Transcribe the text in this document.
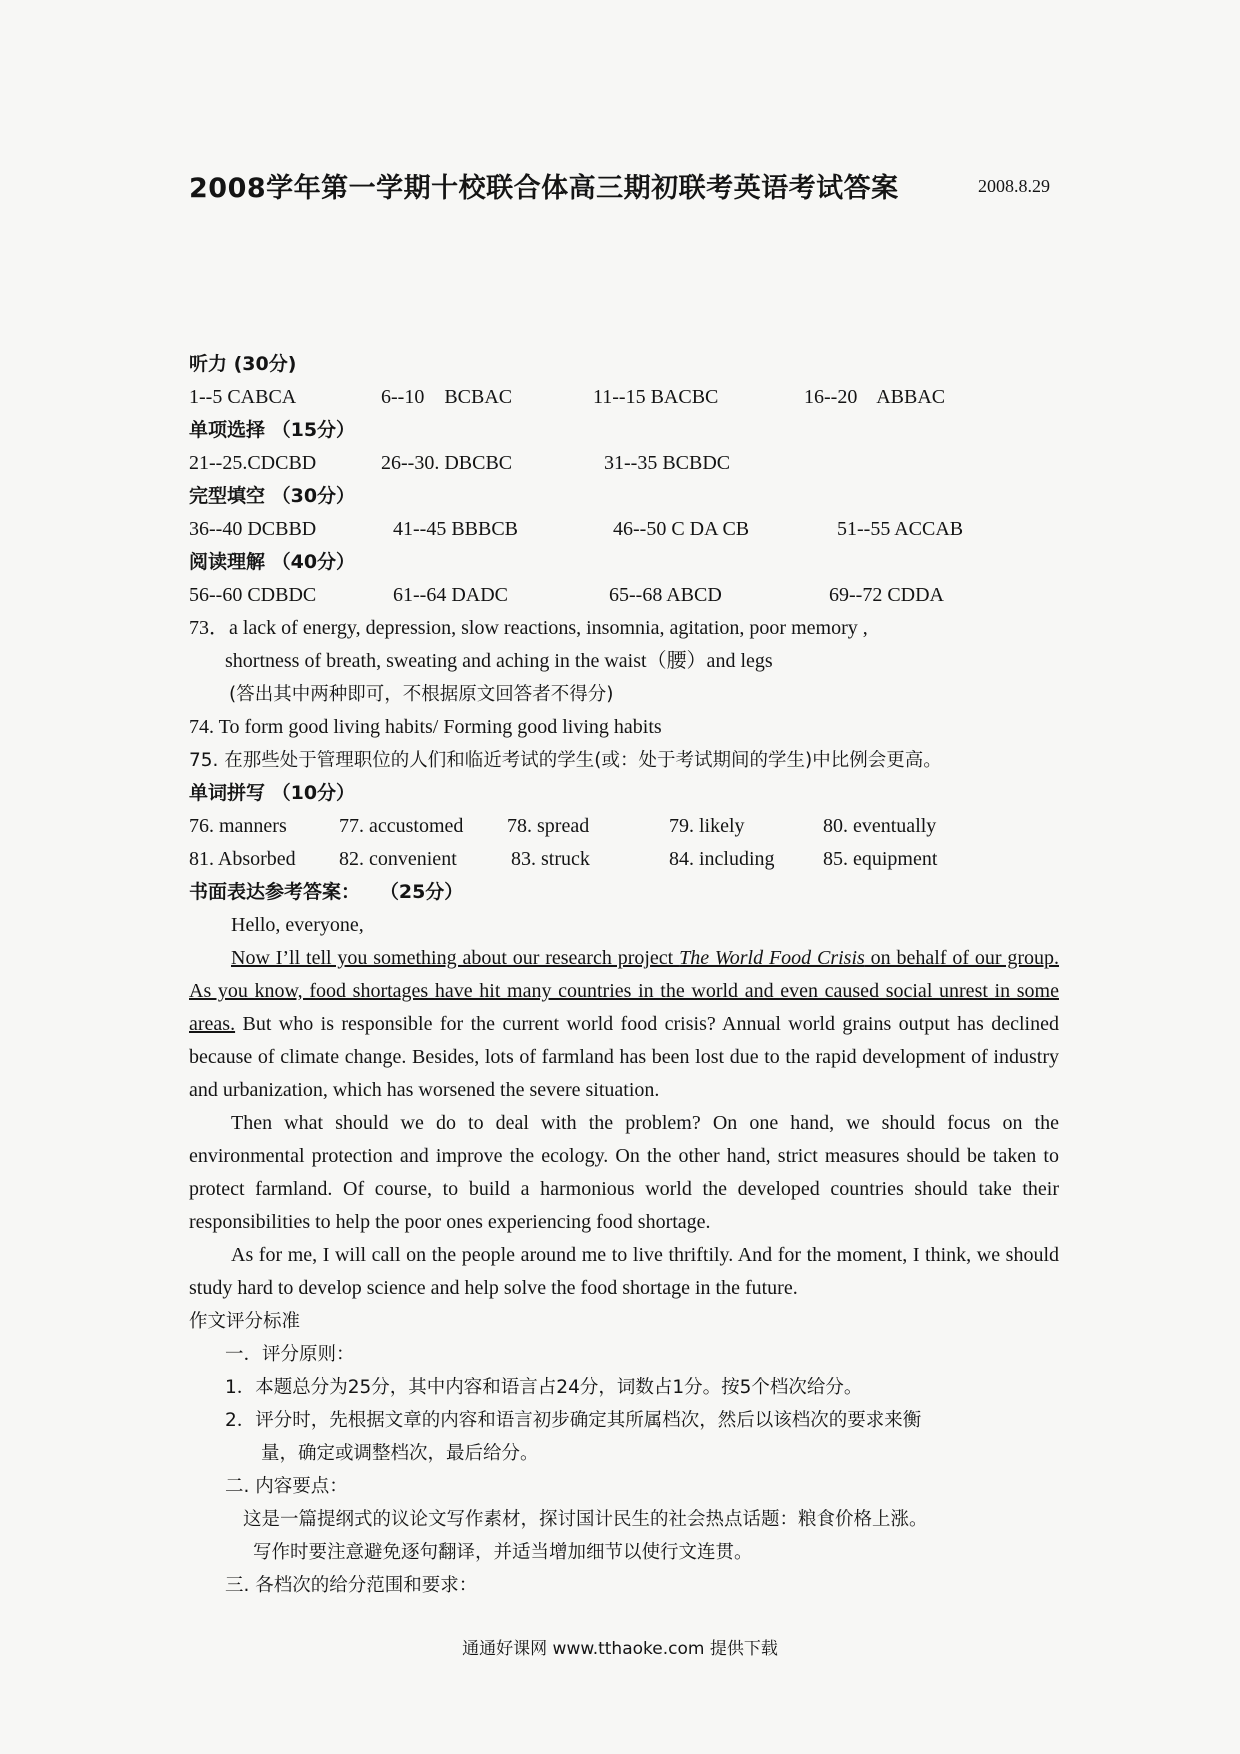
2008学年第一学期十校联合体高三期初联考英语考试答案	2008.8.29
听力 (30分)
1--5 CABCA	6--10    BCBAC	11--15 BACBC	16--20    ABBAC
单项选择 （15分）
21--25.CDCBD	26--30. DBCBC	31--35 BCBDC
完型填空 （30分）
36--40 DCBBD	41--45 BBBCB	46--50 C DA CB	51--55 ACCAB
阅读理解 （40分）
56--60 CDBDC	61--64 DADC	65--68 ABCD	69--72 CDDA
73．a lack of energy, depression, slow reactions, insomnia, agitation, poor memory ,
shortness of breath, sweating and aching in the waist（腰）and legs
(答出其中两种即可，不根据原文回答者不得分)
74. To form good living habits/ Forming good living habits
75. 在那些处于管理职位的人们和临近考试的学生(或：处于考试期间的学生)中比例会更高。
单词拼写 （10分）
76. manners	77. accustomed 78. spread	79. likely	80. eventually
81. Absorbed 82. convenient	83. struck	84. including 85. equipment
书面表达参考答案：   （25分）
Hello, everyone,
Now I’ll tell you something about our research project The World Food Crisis on behalf of our group. As you know, food shortages have hit many countries in the world and even caused social unrest in some areas. But who is responsible for the current world food crisis? Annual world grains output has declined because of climate change. Besides, lots of farmland has been lost due to the rapid development of industry and urbanization, which has worsened the severe situation.
Then what should we do to deal with the problem? On one hand, we should focus on the environmental protection and improve the ecology. On the other hand, strict measures should be taken to protect farmland. Of course, to build a harmonious world the developed countries should take their responsibilities to help the poor ones experiencing food shortage.
As for me, I will call on the people around me to live thriftily. And for the moment, I think, we should study hard to develop science and help solve the food shortage in the future.
作文评分标准
一．评分原则：
1．本题总分为25分，其中内容和语言占24分，词数占1分。按5个档次给分。
2．评分时，先根据文章的内容和语言初步确定其所属档次，然后以该档次的要求来衡
量，确定或调整档次，最后给分。
二. 内容要点：
这是一篇提纲式的议论文写作素材，探讨国计民生的社会热点话题：粮食价格上涨。
写作时要注意避免逐句翻译，并适当增加细节以使行文连贯。
三. 各档次的给分范围和要求：
通通好课网 www.tthaoke.com 提供下载
